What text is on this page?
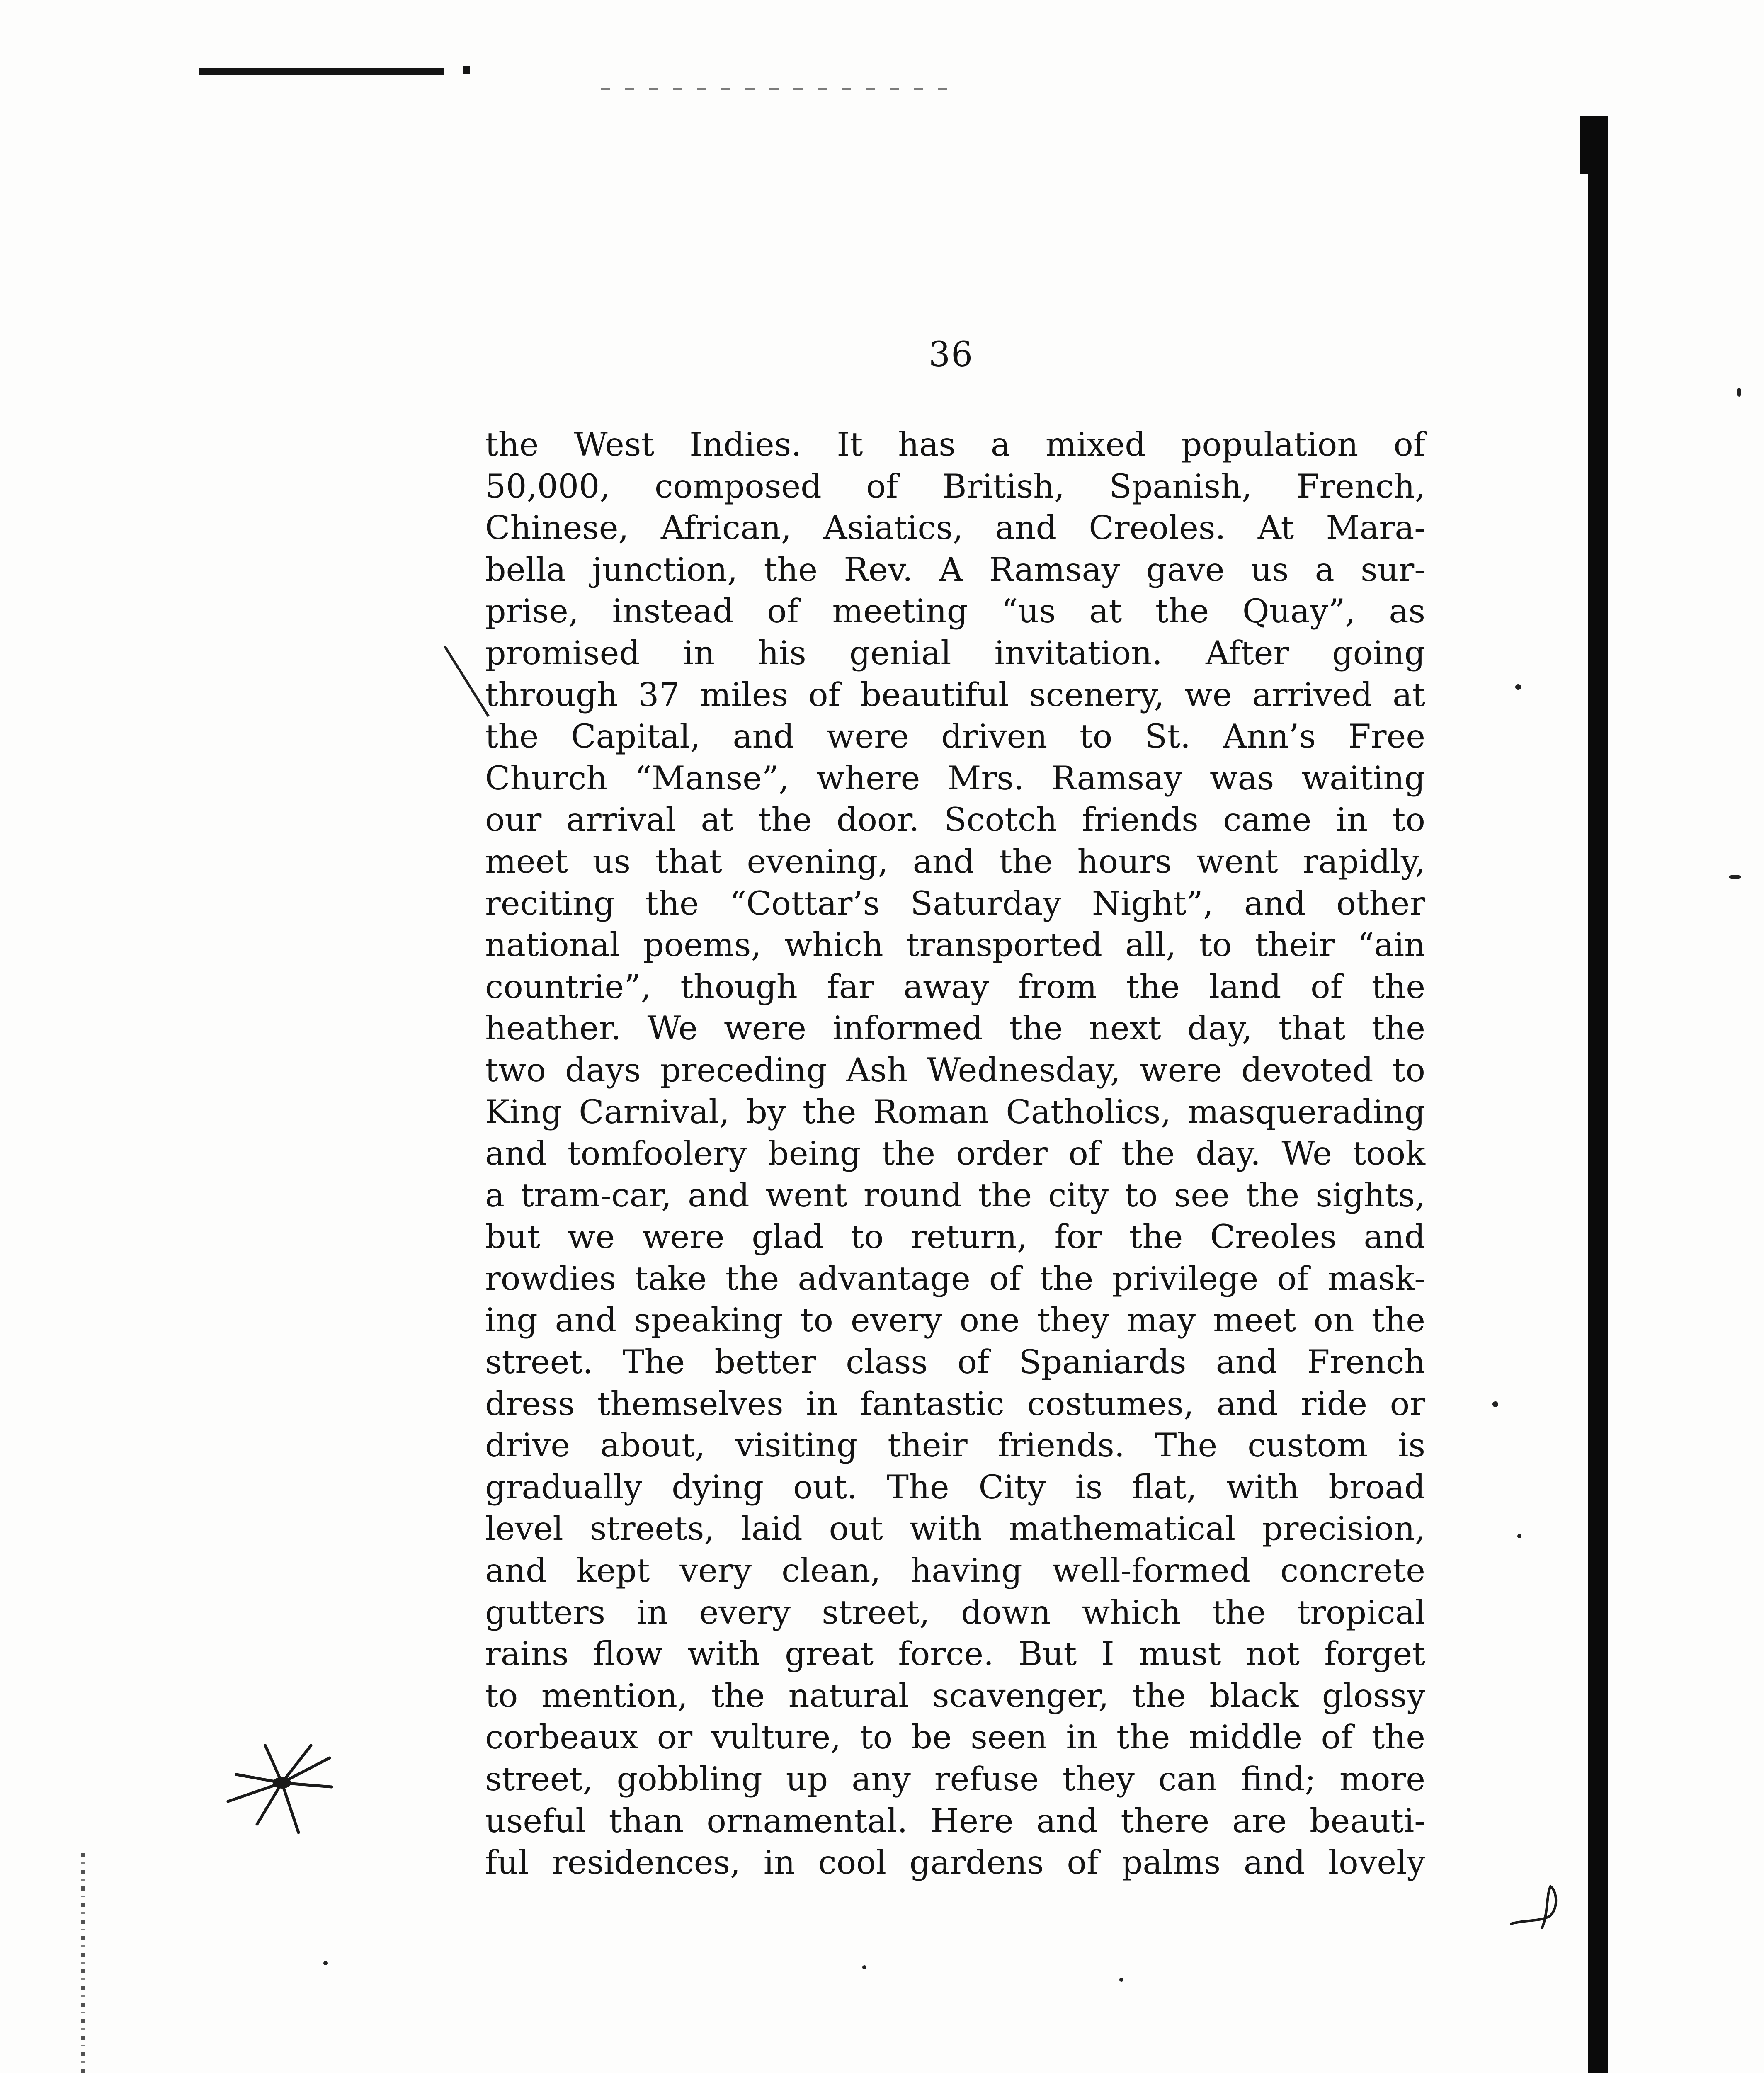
36
the West Indies. It has a mixed population of
50,000, composed of British, Spanish, French,
Chinese, African, Asiatics, and Creoles. At Mara-
bella junction, the Rev. A Ramsay gave us a sur-
prise, instead of meeting “us at the Quay”, as
promised in his genial invitation. After going
through 37 miles of beautiful scenery, we arrived at
the Capital, and were driven to St. Ann’s Free
Church “Manse”, where Mrs. Ramsay was waiting
our arrival at the door. Scotch friends came in to
meet us that evening, and the hours went rapidly,
reciting the “Cottar’s Saturday Night”, and other
national poems, which transported all, to their “ain
countrie”, though far away from the land of the
heather. We were informed the next day, that the
two days preceding Ash Wednesday, were devoted to
King Carnival, by the Roman Catholics, masquerading
and tomfoolery being the order of the day. We took
a tram-car, and went round the city to see the sights,
but we were glad to return, for the Creoles and
rowdies take the advantage of the privilege of mask-
ing and speaking to every one they may meet on the
street. The better class of Spaniards and French
dress themselves in fantastic costumes, and ride or
drive about, visiting their friends. The custom is
gradually dying out. The City is flat, with broad
level streets, laid out with mathematical precision,
and kept very clean, having well-formed concrete
gutters in every street, down which the tropical
rains flow with great force. But I must not forget
to mention, the natural scavenger, the black glossy
corbeaux or vulture, to be seen in the middle of the
street, gobbling up any refuse they can find; more
useful than ornamental. Here and there are beauti-
ful residences, in cool gardens of palms and lovely
